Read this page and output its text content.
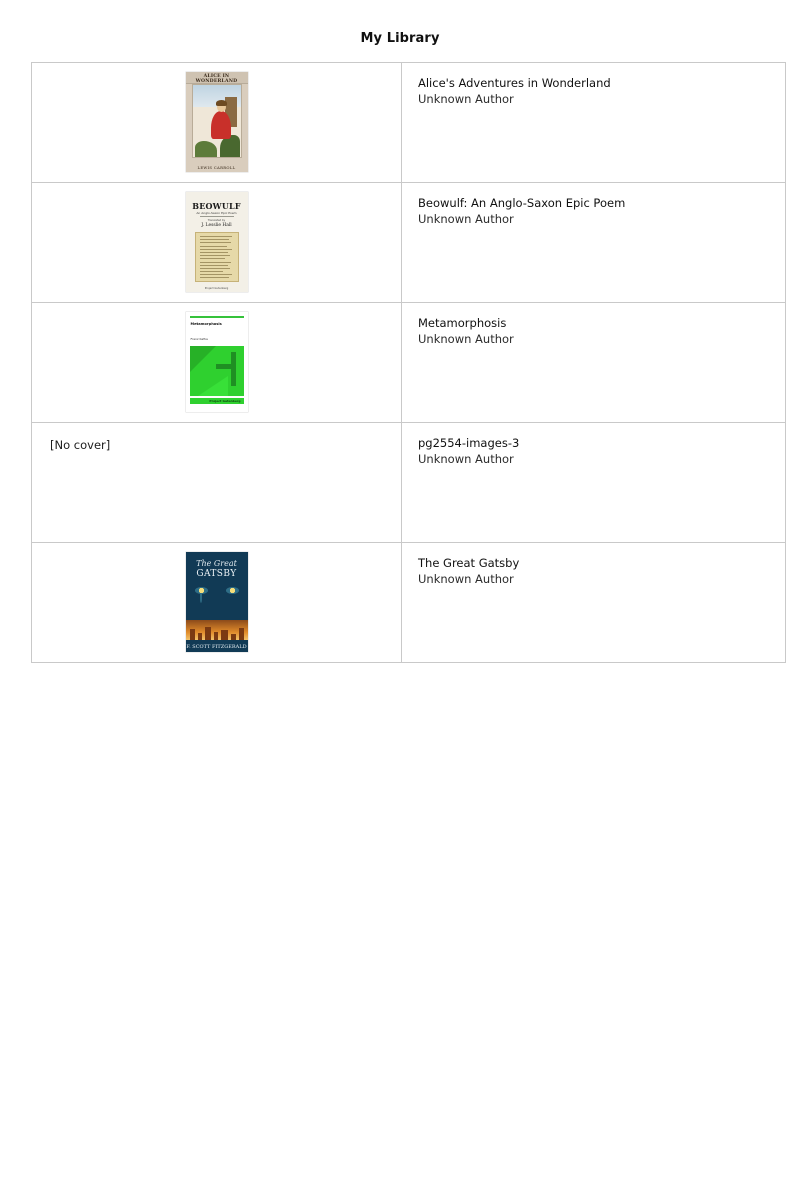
My Library
ALICE IN WONDERLAND
LEWIS CARROLL

Alice's Adventures in Wonderland
Unknown Author

BEOWULF
An Anglo-Saxon Epic Poem
Translated by
J. Lesslie Hall
Project Gutenberg

Beowulf: An Anglo-Saxon Epic Poem
Unknown Author

Metamorphosis
Franz Kafka
Project Gutenberg

Metamorphosis
Unknown Author

[No cover]	pg2554-images-3
Unknown Author

The Great
GATSBY
F. SCOTT FITZGERALD

The Great Gatsby
Unknown Author
